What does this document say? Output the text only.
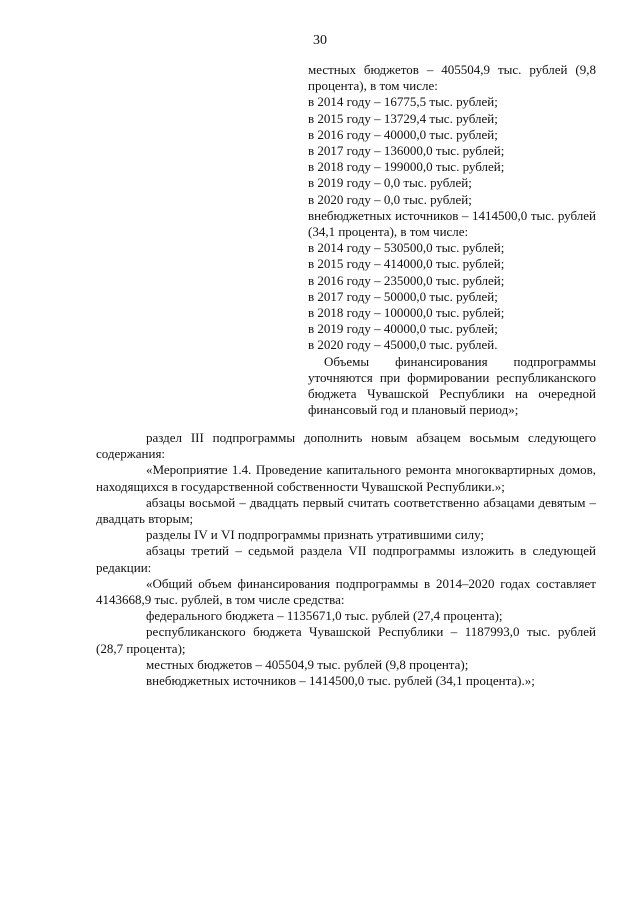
30

местных бюджетов – 405504,9 тыс. рублей (9,8 процента), в том числе:

в 2014 году – 16775,5 тыс. рублей;

в 2015 году – 13729,4 тыс. рублей;

в 2016 году – 40000,0 тыс. рублей;

в 2017 году – 136000,0 тыс. рублей;

в 2018 году – 199000,0 тыс. рублей;

в 2019 году – 0,0 тыс. рублей;

в 2020 году – 0,0 тыс. рублей;

внебюджетных источников – 1414500,0 тыс. рублей (34,1 процента), в том числе:

в 2014 году – 530500,0 тыс. рублей;

в 2015 году – 414000,0 тыс. рублей;

в 2016 году – 235000,0 тыс. рублей;

в 2017 году – 50000,0 тыс. рублей;

в 2018 году – 100000,0 тыс. рублей;

в 2019 году – 40000,0 тыс. рублей;

в 2020 году – 45000,0 тыс. рублей.

Объемы финансирования подпрограммы уточняются при формировании республиканского бюджета Чувашской Республики на очередной финансовый год и плановый период»;

раздел III подпрограммы дополнить новым абзацем восьмым следующего содержания:

«Мероприятие 1.4. Проведение капитального ремонта многоквартирных домов, находящихся в государственной собственности Чувашской Республики.»;

абзацы восьмой – двадцать первый считать соответственно абзацами девятым – двадцать вторым;

разделы IV и VI подпрограммы признать утратившими силу;

абзацы третий – седьмой раздела VII подпрограммы изложить в следующей редакции:

«Общий объем финансирования подпрограммы в 2014–2020 годах составляет 4143668,9 тыс. рублей, в том числе средства:

федерального бюджета – 1135671,0 тыс. рублей (27,4 процента);

республиканского бюджета Чувашской Республики – 1187993,0 тыс. рублей (28,7 процента);

местных бюджетов – 405504,9 тыс. рублей (9,8 процента);

внебюджетных источников – 1414500,0 тыс. рублей (34,1 процента).»;
